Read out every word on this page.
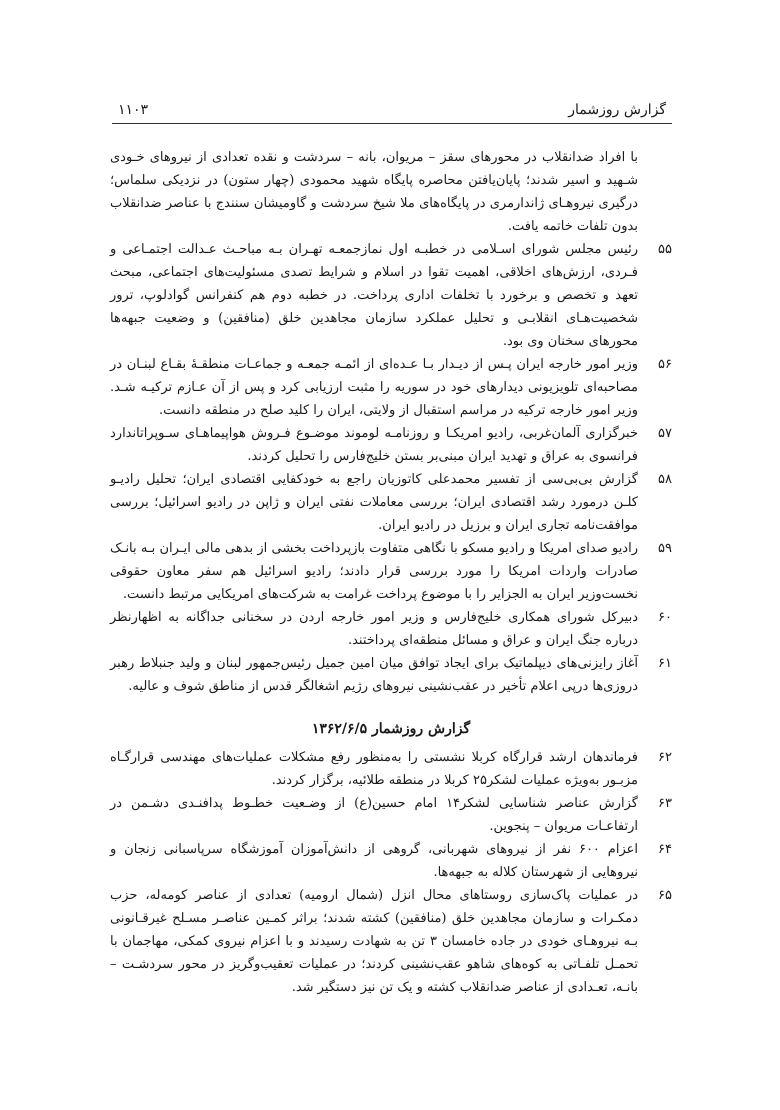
گزارش روزشمار
۱۱۰۳
با افراد ضدانقلاب در محورهای سقز – مریوان، بانه – سردشت و نقده تعدادی از نیروهای خـودی شـهید و اسیر شدند؛ پایان‌یافتن محاصره پایگاه شهید محمودی (چهار ستون) در نزدیکی سلماس؛ درگیری نیروهـای ژاندارمری در پایگاه‌های ملا شیخ سردشت و گاومیشان سنندج با عناصر ضدانقلاب بدون تلفات خاتمه یافت.
۵۵
رئیس مجلس شورای اسـلامی در خطبـه اول نمازجمعـه تهـران بـه مباحـث عـدالت اجتمـاعی و فـردی، ارزش‌های اخلاقی، اهمیت تقوا در اسلام و شرایط تصدی مسئولیت‌های اجتماعی، مبحث تعهد و تخصص و برخورد با تخلفات اداری پرداخت. در خطبه دوم هم کنفرانس گوادلوپ، ترور شخصیت‌هـای انقلابـی و تحلیل عملکرد سازمان مجاهدین خلق (منافقین) و وضعیت جبهه‌ها محورهای سخنان وی بود.
۵۶
وزیر امور خارجه ایران پـس از دیـدار بـا عـده‌ای از ائمـه جمعـه و جماعـات منطقـهٔ بقـاع لبنـان در مصاحبه‌ای تلویزیونی دیدارهای خود در سوریه را مثبت ارزیابی کرد و پس از آن عـازم ترکیـه شـد. وزیر امور خارجه ترکیه در مراسم استقبال از ولایتی، ایران را کلید صلح در منطقه دانست.
۵۷
خبرگزاری آلمان‌غربی، رادیو امریکـا و روزنامـه لوموند موضـوع فـروش هواپیماهـای سـوپراتاندارد فرانسوی به عراق و تهدید ایران مبنی‌بر بستن خلیج‌فارس را تحلیل کردند.
۵۸
گزارش بی‌بی‌سی از تفسیر محمدعلی کاتوزیان راجع به خودکفایی اقتصادی ایران؛ تحلیل رادیـو کلـن درمورد رشد اقتصادی ایران؛ بررسی معاملات نفتی ایران و ژاپن در رادیو اسرائیل؛ بررسی موافقت‌نامه تجاری ایران و برزیل در رادیو ایران.
۵۹
رادیو صدای امریکا و رادیو مسکو با نگاهی متفاوت بازپرداخت بخشی از بدهی مالی ایـران بـه بانـک صادرات واردات امریکا را مورد بررسی قرار دادند؛ رادیو اسرائیل هم سفر معاون حقوقی نخست‌وزیر ایران به الجزایر را با موضوع پرداخت غرامت به شرکت‌های امریکایی مرتبط دانست.
۶۰
دبیرکل شورای همکاری خلیج‌فارس و وزیر امور خارجه اردن در سخنانی جداگانه به اظهارنظر درباره جنگ ایران و عراق و مسائل منطقه‌ای پرداختند.
۶۱
آغاز رایزنی‌های دیپلماتیک برای ایجاد توافق میان امین جمیل رئیس‌جمهور لبنان و ولید جنبلاط رهبر دروزی‌ها درپی اعلام تأخیر در عقب‌نشینی نیروهای رژیم اشغالگر قدس از مناطق شوف و عالیه.
گزارش روزشمار ۱۳۶۲/۶/۵
۶۲
فرماندهان ارشد قرارگاه کربلا نشستی را به‌منظور رفع مشکلات عملیات‌های مهندسی قرارگـاه مزبـور به‌ویژه عملیات لشکر۲۵ کربلا در منطقه طلائیه، برگزار کردند.
۶۳
گزارش عناصر شناسایی لشکر۱۴ امام حسین(ع) از وضـعیت خطـوط پدافنـدی دشـمن در ارتفاعـات مریوان – پنجوین.
۶۴
اعزام ۶۰۰ نفر از نیروهای شهربانی، گروهی از دانش‌آموزان آموزشگاه سرپاسبانی زنجان و نیروهایی از شهرستان کلاله به جبهه‌ها.
۶۵
در عملیات پاک‌سازی روستاهای محال انزل (شمال ارومیه) تعدادی از عناصر کومه‌له، حزب دمکـرات و سازمان مجاهدین خلق (منافقین) کشته شدند؛ براثر کمـین عناصـر مسـلح غیرقـانونی بـه نیروهـای خودی در جاده خامسان ۳ تن به شهادت رسیدند و با اعزام نیروی کمکی، مهاجمان با تحمـل تلفـاتی به کوه‌های شاهو عقب‌نشینی کردند؛ در عملیات تعقیب‌وگریز در محور سردشـت – بانـه، تعـدادی از عناصر ضدانقلاب کشته و یک تن نیز دستگیر شد.
